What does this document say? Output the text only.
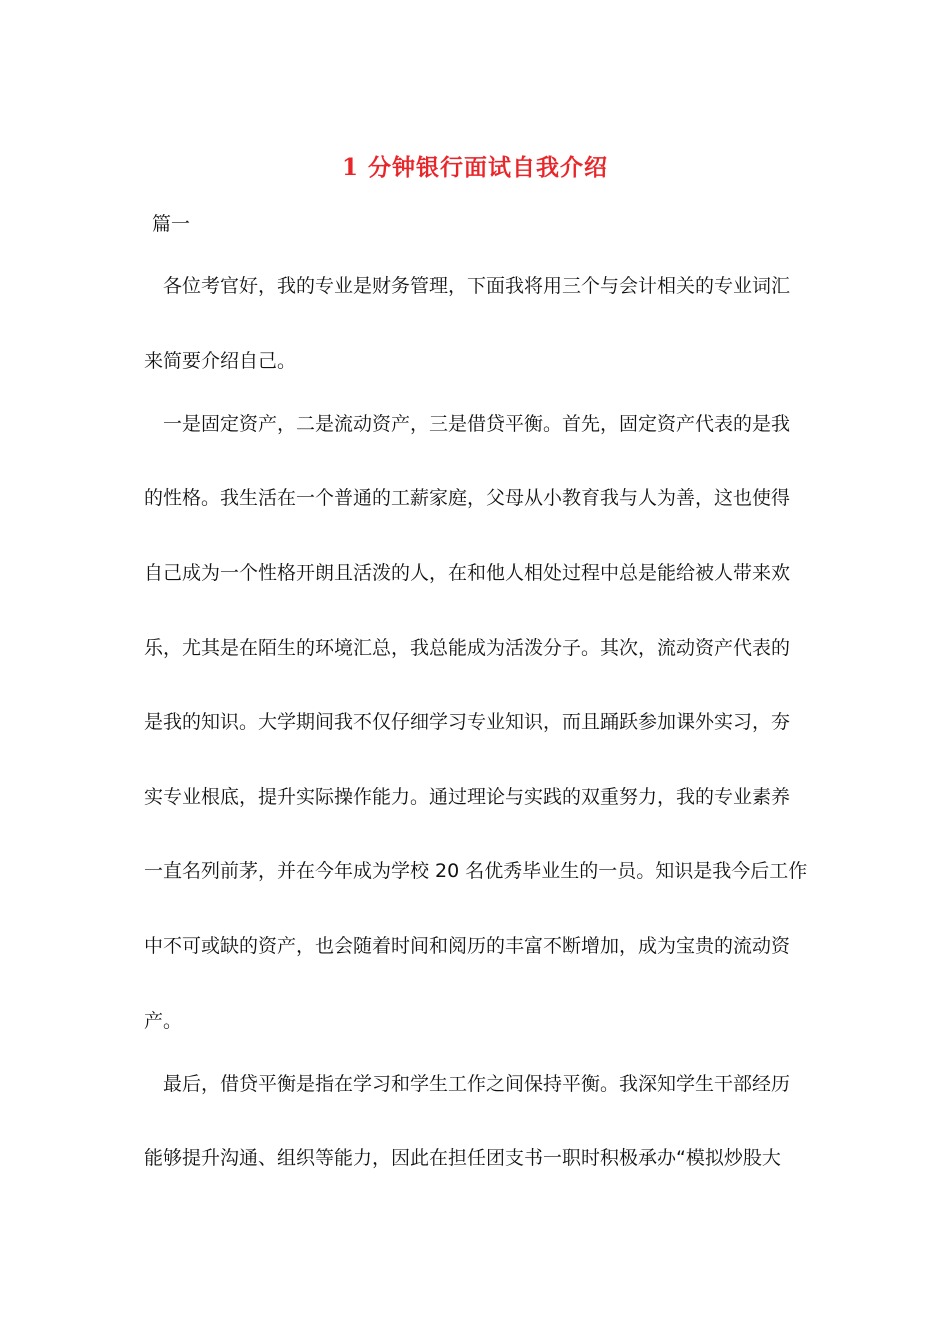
1 分钟银行面试自我介绍
篇一
各位考官好，我的专业是财务管理，下面我将用三个与会计相关的专业词汇
来简要介绍自己。
一是固定资产，二是流动资产，三是借贷平衡。首先，固定资产代表的是我
的性格。我生活在一个普通的工薪家庭，父母从小教育我与人为善，这也使得
自己成为一个性格开朗且活泼的人，在和他人相处过程中总是能给被人带来欢
乐，尤其是在陌生的环境汇总，我总能成为活泼分子。其次，流动资产代表的
是我的知识。大学期间我不仅仔细学习专业知识，而且踊跃参加课外实习，夯
实专业根底，提升实际操作能力。通过理论与实践的双重努力，我的专业素养
一直名列前茅，并在今年成为学校 20 名优秀毕业生的一员。知识是我今后工作
中不可或缺的资产，也会随着时间和阅历的丰富不断增加，成为宝贵的流动资
产。
最后，借贷平衡是指在学习和学生工作之间保持平衡。我深知学生干部经历
能够提升沟通、组织等能力，因此在担任团支书一职时积极承办“模拟炒股大
